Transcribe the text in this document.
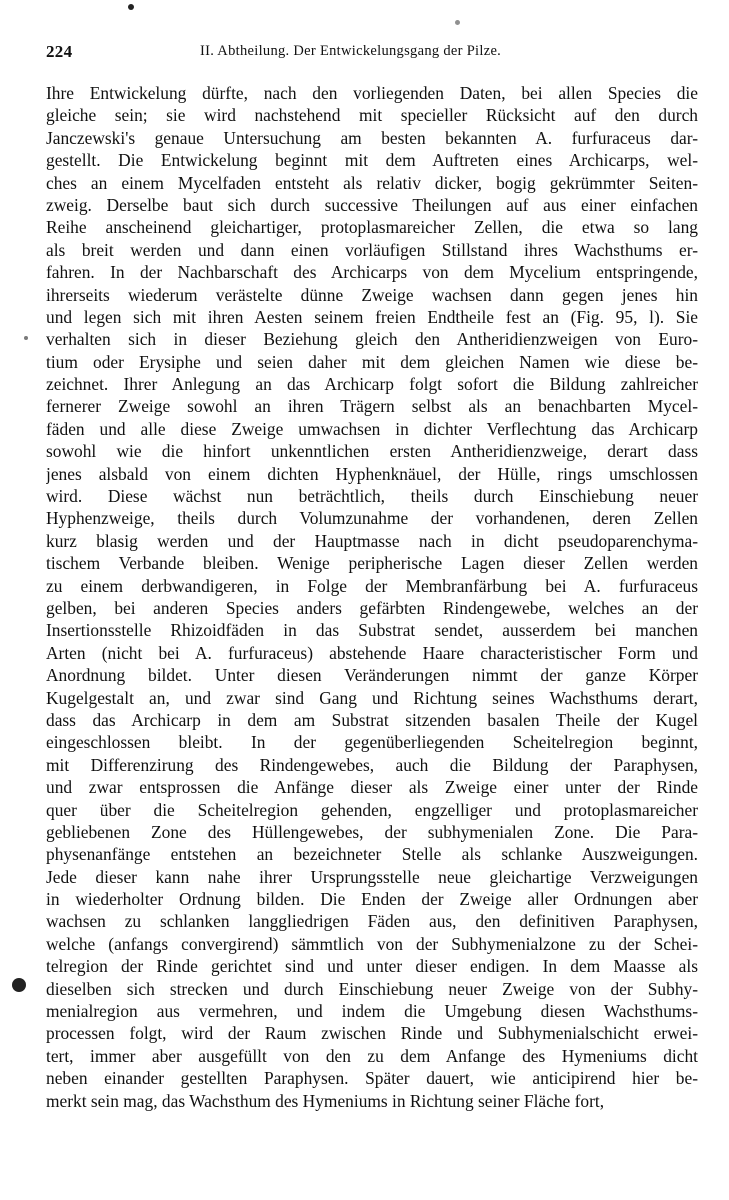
224	II. Abtheilung. Der Entwickelungsgang der Pilze.
Ihre Entwickelung dürfte, nach den vorliegenden Daten, bei allen Species die
gleiche sein; sie wird nachstehend mit specieller Rücksicht auf den durch
Janczewski's genaue Untersuchung am besten bekannten A. furfuraceus dar-
gestellt. Die Entwickelung beginnt mit dem Auftreten eines Archicarps, wel-
ches an einem Mycelfaden entsteht als relativ dicker, bogig gekrümmter Seiten-
zweig. Derselbe baut sich durch successive Theilungen auf aus einer einfachen
Reihe anscheinend gleichartiger, protoplasmareicher Zellen, die etwa so lang
als breit werden und dann einen vorläufigen Stillstand ihres Wachsthums er-
fahren. In der Nachbarschaft des Archicarps von dem Mycelium entspringende,
ihrerseits wiederum verästelte dünne Zweige wachsen dann gegen jenes hin
und legen sich mit ihren Aesten seinem freien Endtheile fest an (Fig. 95, l). Sie
verhalten sich in dieser Beziehung gleich den Antheridienzweigen von Euro-
tium oder Erysiphe und seien daher mit dem gleichen Namen wie diese be-
zeichnet. Ihrer Anlegung an das Archicarp folgt sofort die Bildung zahlreicher
fernerer Zweige sowohl an ihren Trägern selbst als an benachbarten Mycel-
fäden und alle diese Zweige umwachsen in dichter Verflechtung das Archicarp
sowohl wie die hinfort unkenntlichen ersten Antheridienzweige, derart dass
jenes alsbald von einem dichten Hyphenknäuel, der Hülle, rings umschlossen
wird. Diese wächst nun beträchtlich, theils durch Einschiebung neuer
Hyphenzweige, theils durch Volumzunahme der vorhandenen, deren Zellen
kurz blasig werden und der Hauptmasse nach in dicht pseudoparenchyma-
tischem Verbande bleiben. Wenige peripherische Lagen dieser Zellen werden
zu einem derbwandigeren, in Folge der Membranfärbung bei A. furfuraceus
gelben, bei anderen Species anders gefärbten Rindengewebe, welches an der
Insertionsstelle Rhizoidfäden in das Substrat sendet, ausserdem bei manchen
Arten (nicht bei A. furfuraceus) abstehende Haare characteristischer Form und
Anordnung bildet. Unter diesen Veränderungen nimmt der ganze Körper
Kugelgestalt an, und zwar sind Gang und Richtung seines Wachsthums derart,
dass das Archicarp in dem am Substrat sitzenden basalen Theile der Kugel
eingeschlossen bleibt. In der gegenüberliegenden Scheitelregion beginnt,
mit Differenzirung des Rindengewebes, auch die Bildung der Paraphysen,
und zwar entsprossen die Anfänge dieser als Zweige einer unter der Rinde
quer über die Scheitelregion gehenden, engzelliger und protoplasmareicher
gebliebenen Zone des Hüllengewebes, der subhymenialen Zone. Die Para-
physenanfänge entstehen an bezeichneter Stelle als schlanke Auszweigungen.
Jede dieser kann nahe ihrer Ursprungsstelle neue gleichartige Verzweigungen
in wiederholter Ordnung bilden. Die Enden der Zweige aller Ordnungen aber
wachsen zu schlanken langgliedrigen Fäden aus, den definitiven Paraphysen,
welche (anfangs convergirend) sämmtlich von der Subhymenialzone zu der Schei-
telregion der Rinde gerichtet sind und unter dieser endigen. In dem Maasse als
dieselben sich strecken und durch Einschiebung neuer Zweige von der Subhy-
menialregion aus vermehren, und indem die Umgebung diesen Wachsthums-
processen folgt, wird der Raum zwischen Rinde und Subhymenialschicht erwei-
tert, immer aber ausgefüllt von den zu dem Anfange des Hymeniums dicht
neben einander gestellten Paraphysen. Später dauert, wie anticipirend hier be-
merkt sein mag, das Wachsthum des Hymeniums in Richtung seiner Fläche fort,
